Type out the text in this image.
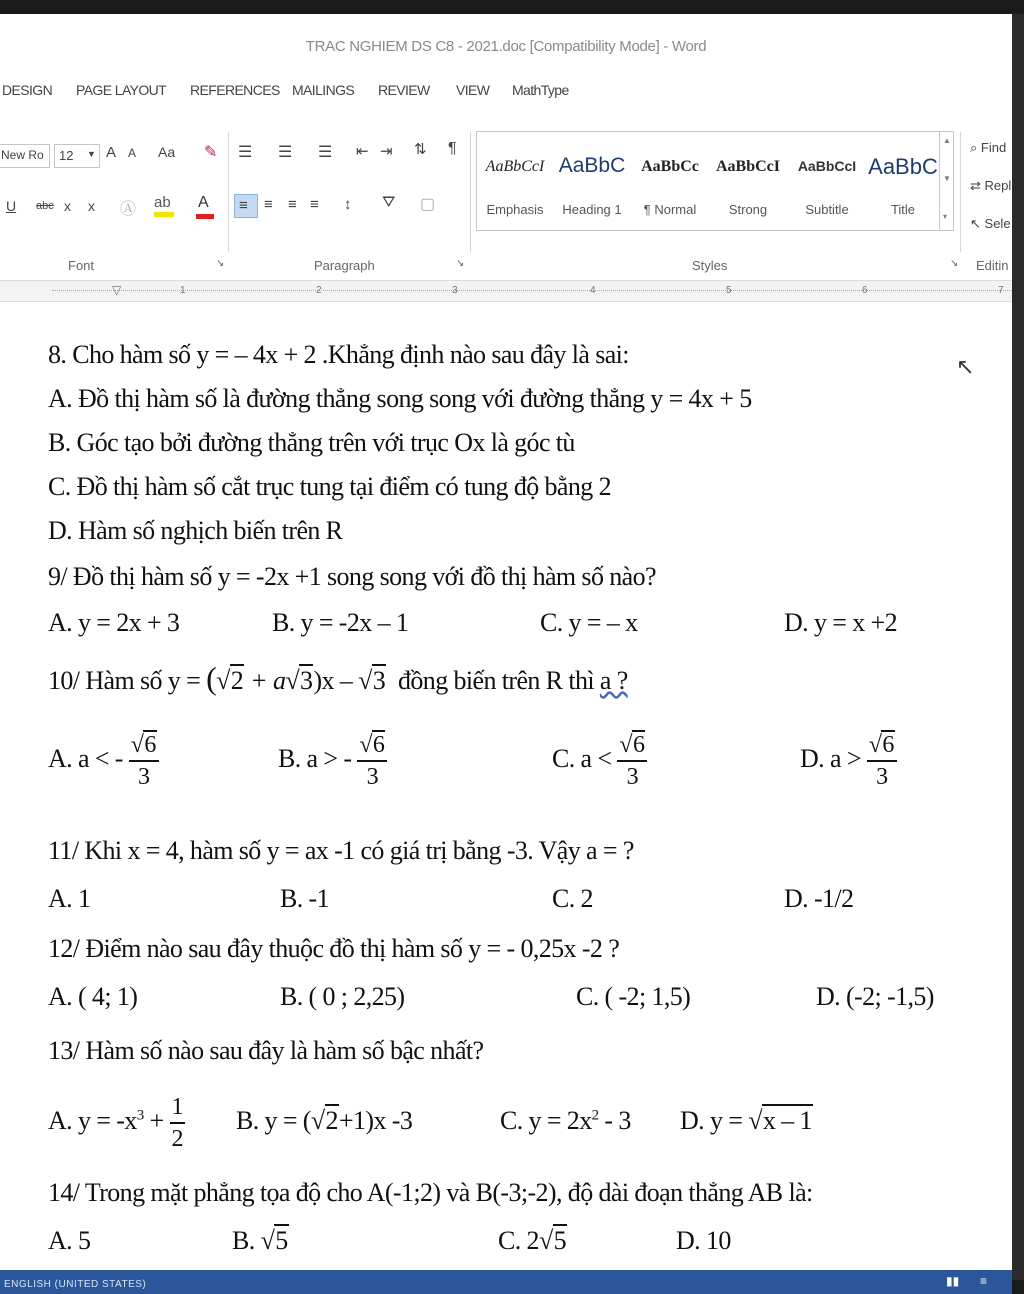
TRAC NGHIEM DS C8 - 2021.doc [Compatibility Mode] - Word
DESIGN PAGE LAYOUT REFERENCES MAILINGS REVIEW VIEW MathType
New Ro 12 ▼ A A Aa ✎
U abc x x Ⓐ ab A
☰ ☰ ☰ ⇤ ⇥ ⇅ ¶
≡ ≡ ≡ ≡ ↕ ⛛ ▢
AaBbCcI
Emphasis
AaBbC
Heading 1
AaBbCc
¶ Normal
AaBbCcI
Strong
AaBbCcI
Subtitle
AaBbC
Title
▲
▼
▾
⌕ Find
⇄ Repl
↖ Sele
Font	↘	Paragraph	↘	Styles	↘ Editin
▽	1	2	3	4	5	6	7
8. Cho hàm số y = – 4x + 2 .Khẳng định nào sau đây là sai:
A. Đồ thị hàm số là đường thẳng song song với đường thẳng y = 4x + 5
B. Góc tạo bởi đường thẳng trên với trục Ox là góc tù
C. Đồ thị hàm số cắt trục tung tại điểm có tung độ bằng 2
D. Hàm số nghịch biến trên R
↖
9/ Đồ thị hàm số y = -2x +1 song song với đồ thị hàm số nào?
A. y = 2x + 3	B. y = -2x – 1	C. y = – x	D. y = x +2
10/ Hàm số y = (√2 + a√3)x – √3 đồng biến trên R thì a ?
A. a < - $\frac{√6}{3}$	B. a > - $\frac{√6}{3}$	C. $a < \frac{√6}{3}$	D. $a > \frac{√6}{3}$
11/ Khi x = 4, hàm số y = ax -1 có giá trị bằng -3. Vậy a = ?
A. 1	B. -1	C. 2	D. -1/2
12/ Điểm nào sau đây thuộc đồ thị hàm số y = - 0,25x -2 ?
A. ( 4; 1)	B. ( 0 ; 2,25)	C. ( -2; 1,5)	D. (-2; -1,5)
13/ Hàm số nào sau đây là hàm số bậc nhất?
A. $y = -x^3 + \frac{1}{2} B$. y = (√2+1)x -3	C. $y = 2x^2 - 3$ D. y = √x – 1
14/ Trong mặt phẳng tọa độ cho A(-1;2) và B(-3;-2), độ dài đoạn thẳng AB là:
A. 5	B. √5	C. 2√5	D. 10
ENGLISH (UNITED STATES)	▮▮ ≡
